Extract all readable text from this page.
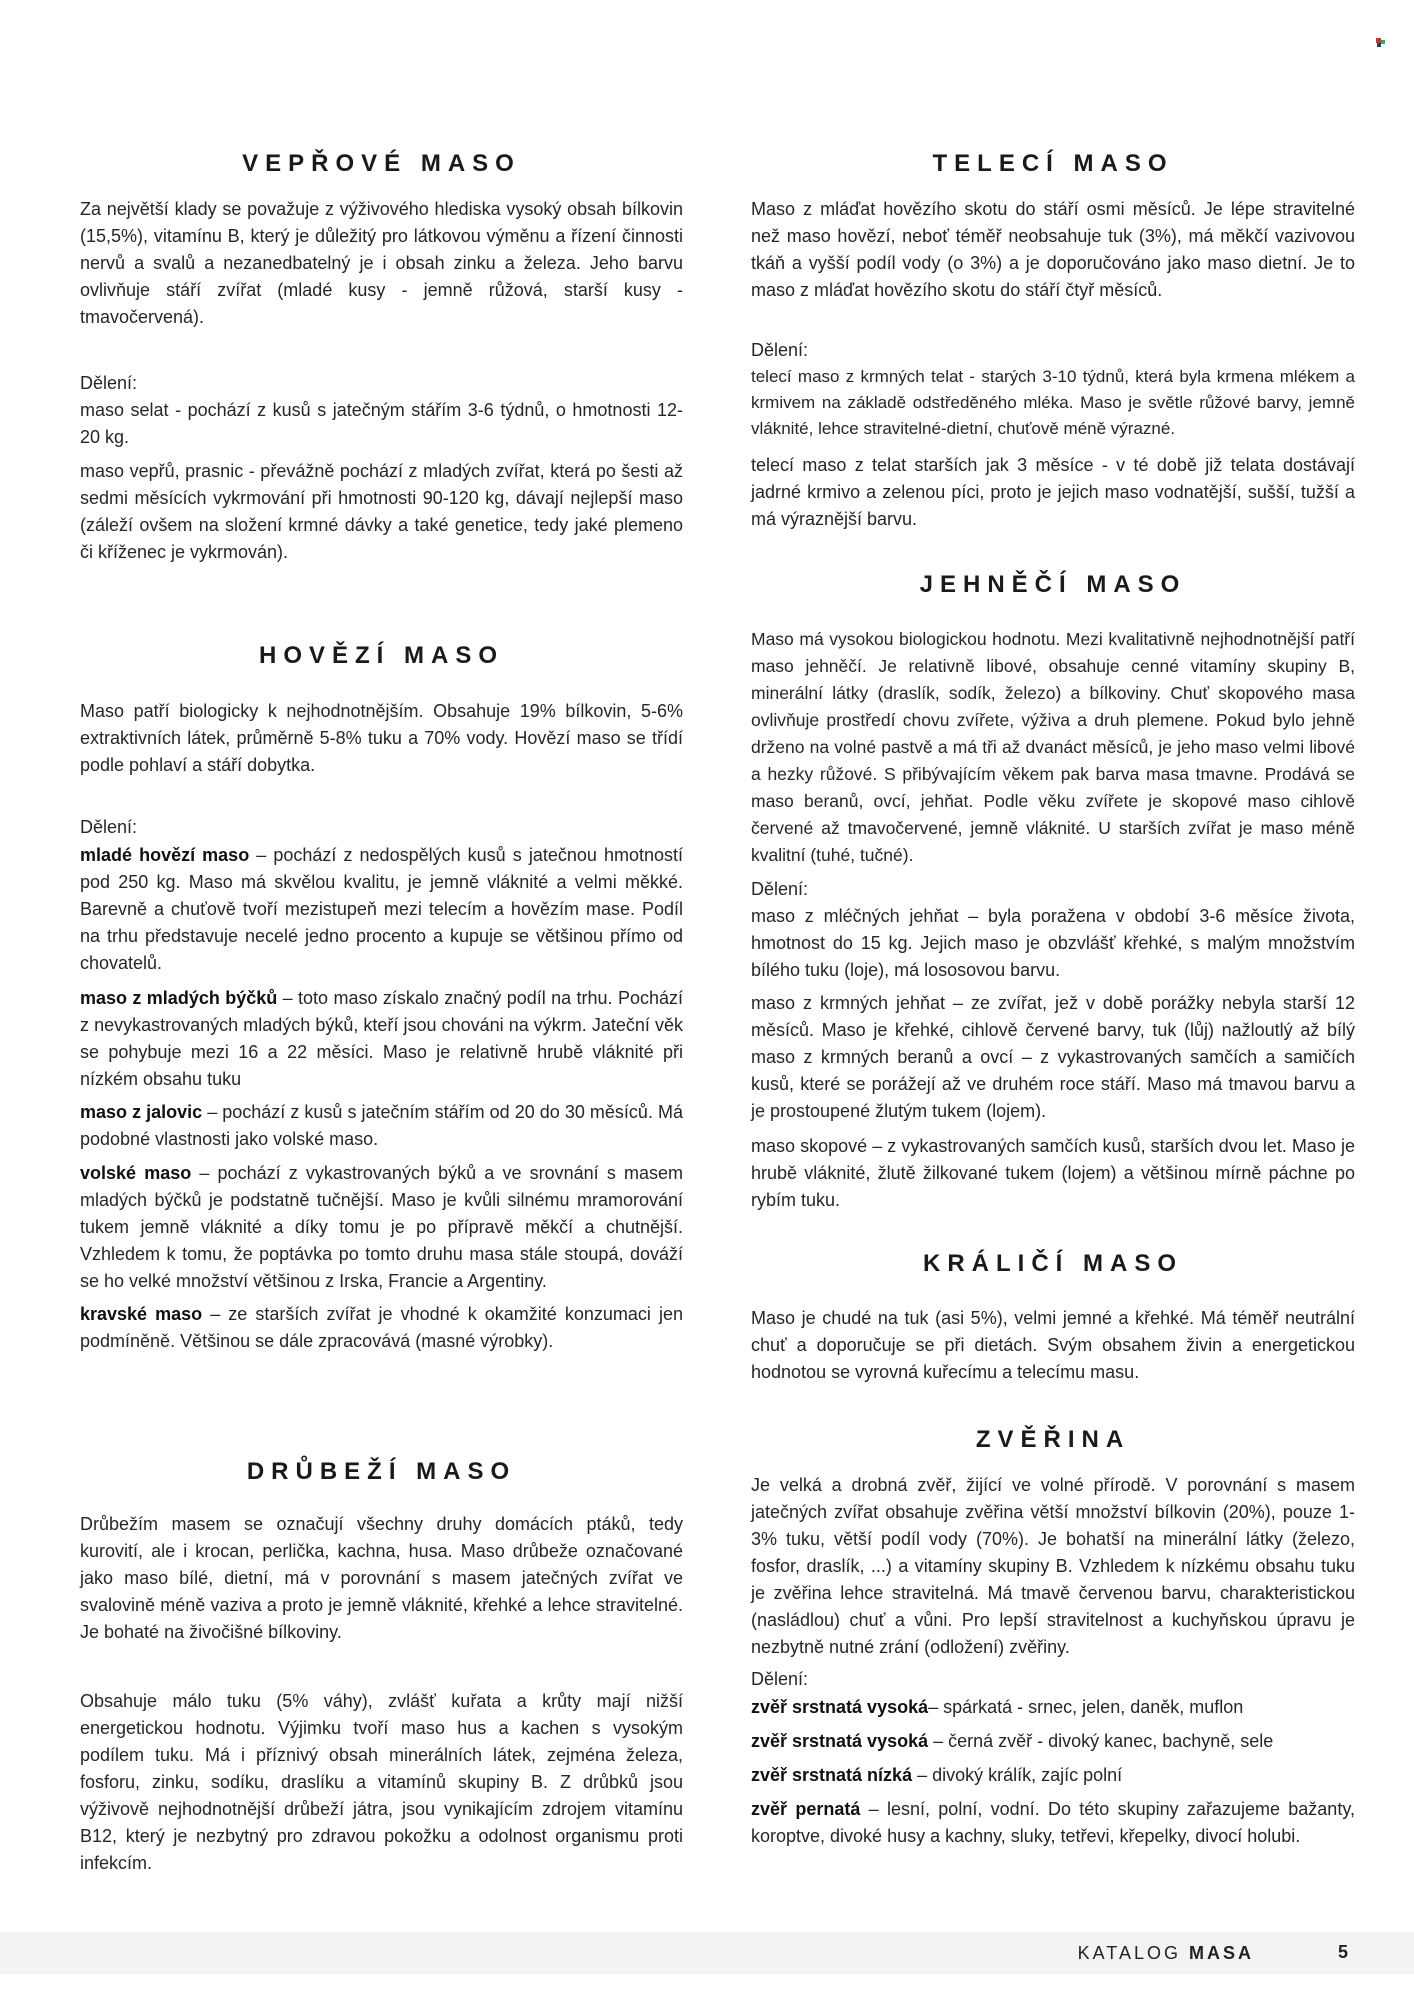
VEPŘOVÉ MASO

Za největší klady se považuje z výživového hlediska vysoký obsah bílkovin (15,5%), vitamínu B, který je důležitý pro látkovou výměnu a řízení činnosti nervů a svalů a nezanedbatelný je i obsah zinku a železa. Jeho barvu ovlivňuje stáří zvířat (mladé kusy - jemně růžová, starší kusy - tmavočervená).

Dělení:

maso selat - pochází z kusů s jatečným stářím 3-6 týdnů, o hmotnosti 12-20 kg.

maso vepřů, prasnic - převážně pochází z mladých zvířat, která po šesti až sedmi měsících vykrmování při hmotnosti 90-120 kg, dávají nejlepší maso (záleží ovšem na složení krmné dávky a také genetice, tedy jaké plemeno či kříženec je vykrmován).

HOVĚZÍ MASO

Maso patří biologicky k nejhodnotnějším. Obsahuje 19% bílkovin, 5-6% extraktivních látek, průměrně 5-8% tuku a 70% vody. Hovězí maso se třídí podle pohlaví a stáří dobytka.

Dělení:

mladé hovězí maso – pochází z nedospělých kusů s jatečnou hmotností pod 250 kg. Maso má skvělou kvalitu, je jemně vláknité a velmi měkké. Barevně a chuťově tvoří mezistupeň mezi telecím a hovězím mase. Podíl na trhu představuje necelé jedno procento a kupuje se většinou přímo od chovatelů.

maso z mladých býčků – toto maso získalo značný podíl na trhu. Pochází z nevykastrovaných mladých býků, kteří jsou chováni na výkrm. Jateční věk se pohybuje mezi 16 a 22 měsíci. Maso je relativně hrubě vláknité při nízkém obsahu tuku

maso z jalovic – pochází z kusů s jatečním stářím od 20 do 30 měsíců. Má podobné vlastnosti jako volské maso.

volské maso – pochází z vykastrovaných býků a ve srovnání s masem mladých býčků je podstatně tučnější. Maso je kvůli silnému mramorování tukem jemně vláknité a díky tomu je po přípravě měkčí a chutnější. Vzhledem k tomu, že poptávka po tomto druhu masa stále stoupá, dováží se ho velké množství většinou z Irska, Francie a Argentiny.

kravské maso – ze starších zvířat je vhodné k okamžité konzumaci jen podmíněně. Většinou se dále zpracovává (masné výrobky).

DRŮBEŽÍ MASO

Drůbežím masem se označují všechny druhy domácích ptáků, tedy kurovití, ale i krocan, perlička, kachna, husa. Maso drůbeže označované jako maso bílé, dietní, má v porovnání s masem jatečných zvířat ve svalovině méně vaziva a proto je jemně vláknité, křehké a lehce stravitelné. Je bohaté na živočišné bílkoviny.

Obsahuje málo tuku (5% váhy), zvlášť kuřata a krůty mají nižší energetickou hodnotu. Výjimku tvoří maso hus a kachen s vysokým podílem tuku. Má i příznivý obsah minerálních látek, zejména železa, fosforu, zinku, sodíku, draslíku a vitamínů skupiny B. Z drůbků jsou výživově nejhodnotnější drůbeží játra, jsou vynikajícím zdrojem vitamínu B12, který je nezbytný pro zdravou pokožku a odolnost organismu proti infekcím.

TELECÍ MASO

Maso z mláďat hovězího skotu do stáří osmi měsíců. Je lépe stravitelné než maso hovězí, neboť téměř neobsahuje tuk (3%), má měkčí vazivovou tkáň a vyšší podíl vody (o 3%) a je doporučováno jako maso dietní. Je to maso z mláďat hovězího skotu do stáří čtyř měsíců.

Dělení:

telecí maso z krmných telat - starých 3-10 týdnů, která byla krmena mlékem a krmivem na základě odstředěného mléka. Maso je světle růžové barvy, jemně vláknité, lehce stravitelné-dietní, chuťově méně výrazné.

telecí maso z telat starších jak 3 měsíce - v té době již telata dostávají jadrné krmivo a zelenou píci, proto je jejich maso vodnatější, sušší, tužší a má výraznější barvu.

JEHNĚČÍ MASO

Maso má vysokou biologickou hodnotu. Mezi kvalitativně nejhodnotnější patří maso jehněčí. Je relativně libové, obsahuje cenné vitamíny skupiny B, minerální látky (draslík, sodík, železo) a bílkoviny. Chuť skopového masa ovlivňuje prostředí chovu zvířete, výživa a druh plemene. Pokud bylo jehně drženo na volné pastvě a má tři až dvanáct měsíců, je jeho maso velmi libové a hezky růžové. S přibývajícím věkem pak barva masa tmavne. Prodává se maso beranů, ovcí, jehňat. Podle věku zvířete je skopové maso cihlově červené až tmavočervené, jemně vláknité. U starších zvířat je maso méně kvalitní (tuhé, tučné).

Dělení:

maso z mléčných jehňat – byla poražena v období 3-6 měsíce života, hmotnost do 15 kg. Jejich maso je obzvlášť křehké, s malým množstvím bílého tuku (loje), má lososovou barvu.

maso z krmných jehňat – ze zvířat, jež v době porážky nebyla starší 12 měsíců. Maso je křehké, cihlově červené barvy, tuk (lůj) nažloutlý až bílý maso z krmných beranů a ovcí – z vykastrovaných samčích a samičích kusů, které se porážejí až ve druhém roce stáří. Maso má tmavou barvu a je prostoupené žlutým tukem (lojem).

maso skopové – z vykastrovaných samčích kusů, starších dvou let. Maso je hrubě vláknité, žlutě žilkované tukem (lojem) a většinou mírně páchne po rybím tuku.

KRÁLIČÍ MASO

Maso je chudé na tuk (asi 5%), velmi jemné a křehké. Má téměř neutrální chuť a doporučuje se při dietách. Svým obsahem živin a energetickou hodnotou se vyrovná kuřecímu a telecímu masu.

ZVĚŘINA

Je velká a drobná zvěř, žijící ve volné přírodě. V porovnání s masem jatečných zvířat obsahuje zvěřina větší množství bílkovin (20%), pouze 1-3% tuku, větší podíl vody (70%). Je bohatší na minerální látky (železo, fosfor, draslík, ...) a vitamíny skupiny B. Vzhledem k nízkému obsahu tuku je zvěřina lehce stravitelná. Má tmavě červenou barvu, charakteristickou (nasládlou) chuť a vůni. Pro lepší stravitelnost a kuchyňskou úpravu je nezbytně nutné zrání (odložení) zvěřiny.

Dělení:

zvěř srstnatá vysoká– spárkatá - srnec, jelen, daněk, muflon

zvěř srstnatá vysoká – černá zvěř - divoký kanec, bachyně, sele

zvěř srstnatá nízká – divoký králík, zajíc polní

zvěř pernatá – lesní, polní, vodní. Do této skupiny zařazujeme bažanty, koroptve, divoké husy a kachny, sluky, tetřevi, křepelky, divocí holubi.

KATALOG MASA	5
